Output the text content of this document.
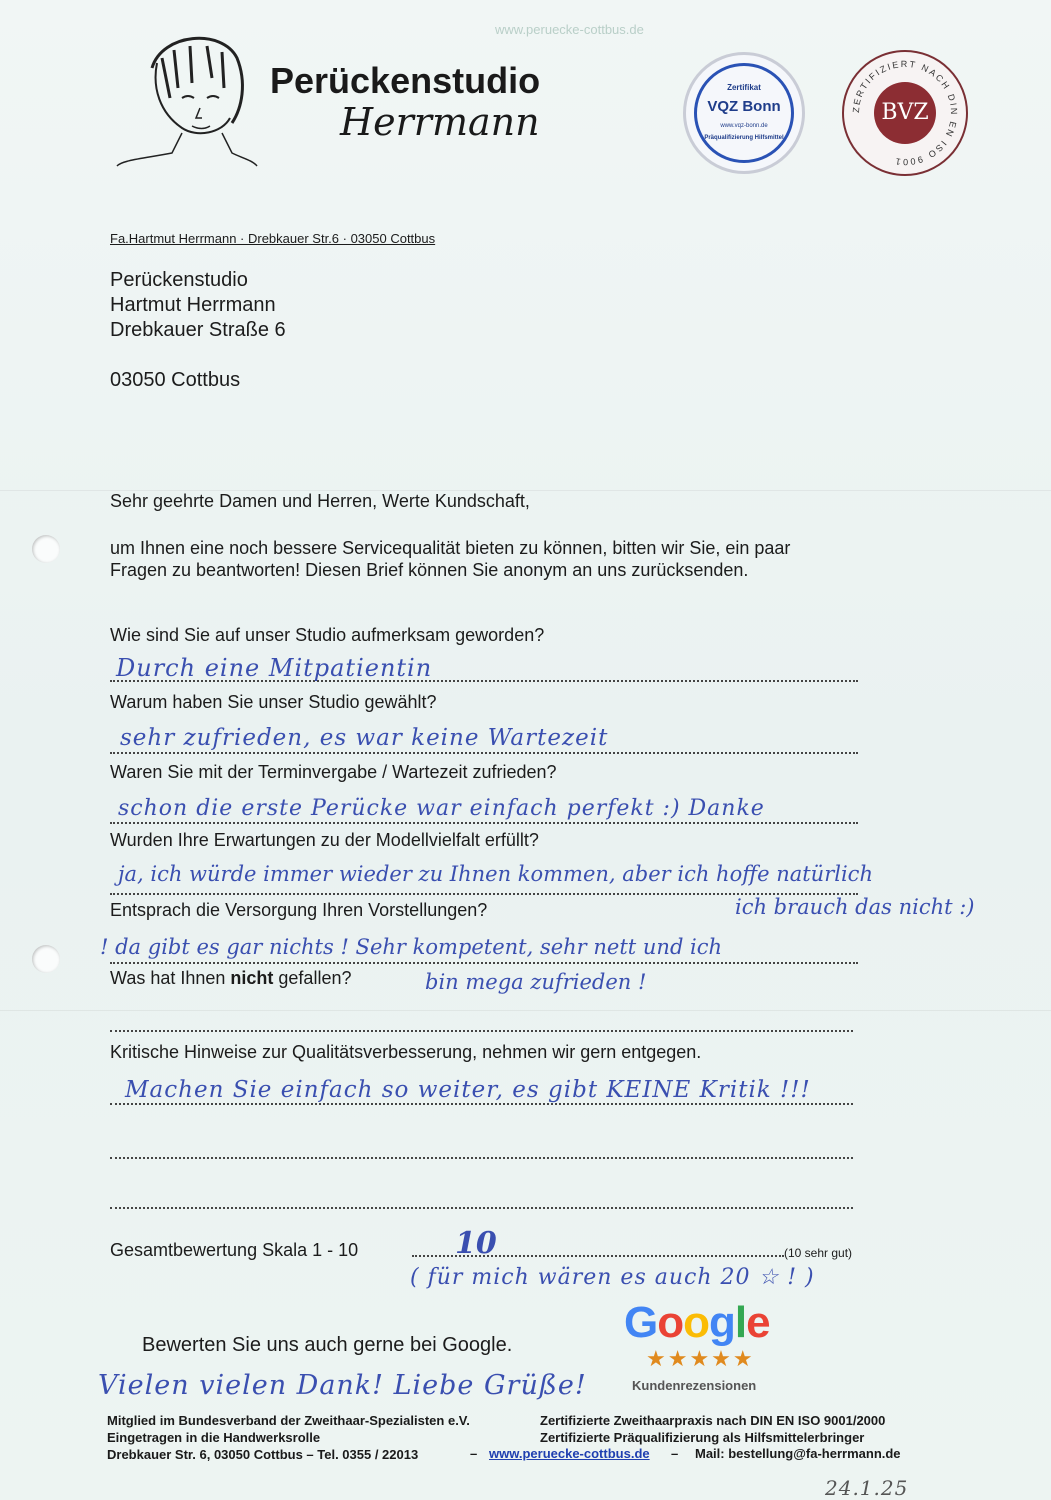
www.peruecke-cottbus.de
Perückenstudio
Herrmann
Zertifikat
VQZ Bonn
www.vqz-bonn.de
Präqualifizierung Hilfsmittel
ZERTIFIZIERT NACH DIN EN ISO 9001
BVZ
Fa.Hartmut Herrmann · Drebkauer Str.6 · 03050 Cottbus
Perückenstudio
Hartmut Herrmann
Drebkauer Straße 6
03050 Cottbus
Sehr geehrte Damen und Herren, Werte Kundschaft,
um Ihnen eine noch bessere Servicequalität bieten zu können, bitten wir Sie, ein paar
Fragen zu beantworten! Diesen Brief können Sie anonym an uns zurücksenden.
Wie sind Sie auf unser Studio aufmerksam geworden?
Durch eine Mitpatientin
Warum haben Sie unser Studio gewählt?
sehr zufrieden, es war keine Wartezeit
Waren Sie mit der Terminvergabe / Wartezeit zufrieden?
schon die erste Perücke war einfach perfekt :) Danke
Wurden Ihre Erwartungen zu der Modellvielfalt erfüllt?
ja, ich würde immer wieder zu Ihnen kommen, aber ich hoffe natürlich
ich brauch das nicht :)
Entsprach die Versorgung Ihren Vorstellungen?
! da gibt es gar nichts ! Sehr kompetent, sehr nett und ich
bin mega zufrieden !
Was hat Ihnen nicht gefallen?
Kritische Hinweise zur Qualitätsverbesserung, nehmen wir gern entgegen.
Machen Sie einfach so weiter, es gibt KEINE Kritik !!!
Gesamtbewertung Skala 1 - 10	(10 sehr gut)
10
( für mich wären es auch 20 ☆ ! )
Google
★★★★★
Kundenrezensionen
Bewerten Sie uns auch gerne bei Google.
Vielen vielen Dank! Liebe Grüße!
Mitglied im Bundesverband der Zweithaar-Spezialisten e.V.
Eingetragen in die Handwerksrolle
Drebkauer Str. 6, 03050 Cottbus – Tel. 0355 / 22013
Zertifizierte Zweithaarpraxis nach DIN EN ISO 9001/2000
Zertifizierte Präqualifizierung als Hilfsmittelerbringer
– www.peruecke-cottbus.de – Mail: bestellung@fa-herrmann.de
24.1.25
